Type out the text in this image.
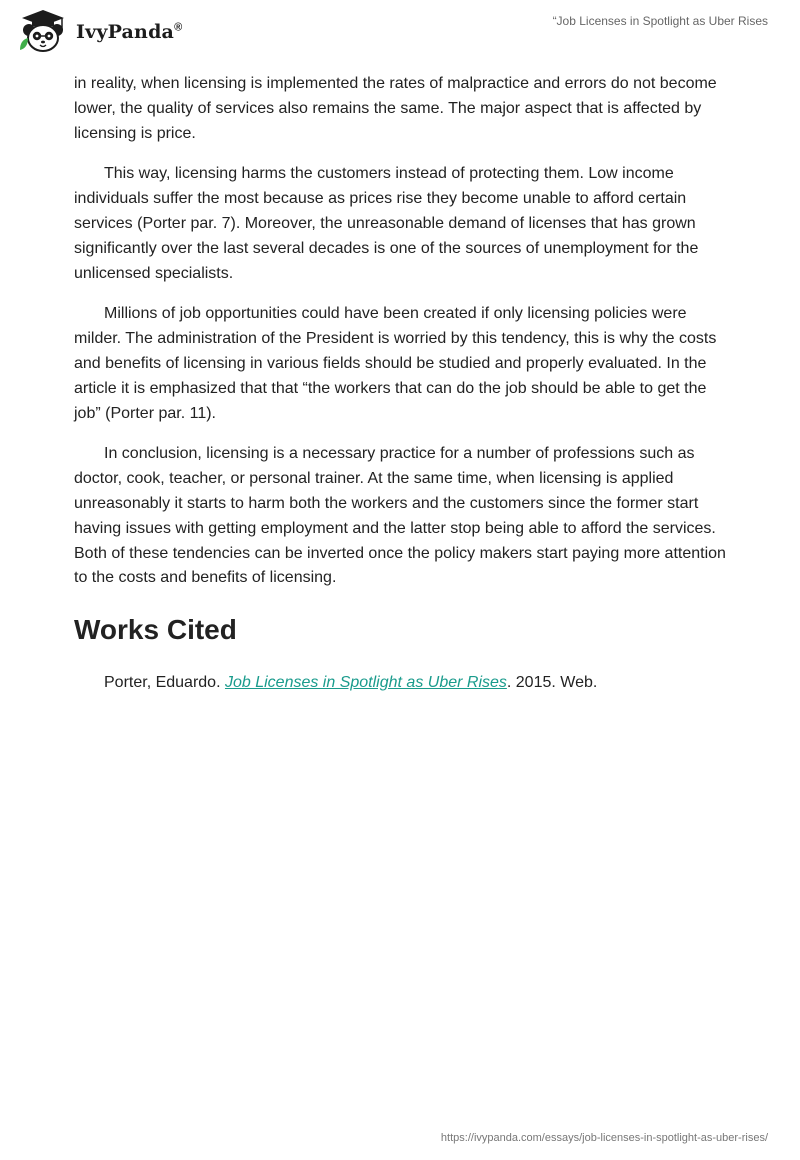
IvyPanda®	“Job Licenses in Spotlight as Uber Rises

in reality, when licensing is implemented the rates of malpractice and errors do not become lower, the quality of services also remains the same. The major aspect that is affected by licensing is price.

This way, licensing harms the customers instead of protecting them. Low income individuals suffer the most because as prices rise they become unable to afford certain services (Porter par. 7). Moreover, the unreasonable demand of licenses that has grown significantly over the last several decades is one of the sources of unemployment for the unlicensed specialists.

Millions of job opportunities could have been created if only licensing policies were milder. The administration of the President is worried by this tendency, this is why the costs and benefits of licensing in various fields should be studied and properly evaluated. In the article it is emphasized that that “the workers that can do the job should be able to get the job” (Porter par. 11).

In conclusion, licensing is a necessary practice for a number of professions such as doctor, cook, teacher, or personal trainer. At the same time, when licensing is applied unreasonably it starts to harm both the workers and the customers since the former start having issues with getting employment and the latter stop being able to afford the services. Both of these tendencies can be inverted once the policy makers start paying more attention to the costs and benefits of licensing.

Works Cited

Porter, Eduardo. Job Licenses in Spotlight as Uber Rises. 2015. Web.

https://ivypanda.com/essays/job-licenses-in-spotlight-as-uber-rises/
